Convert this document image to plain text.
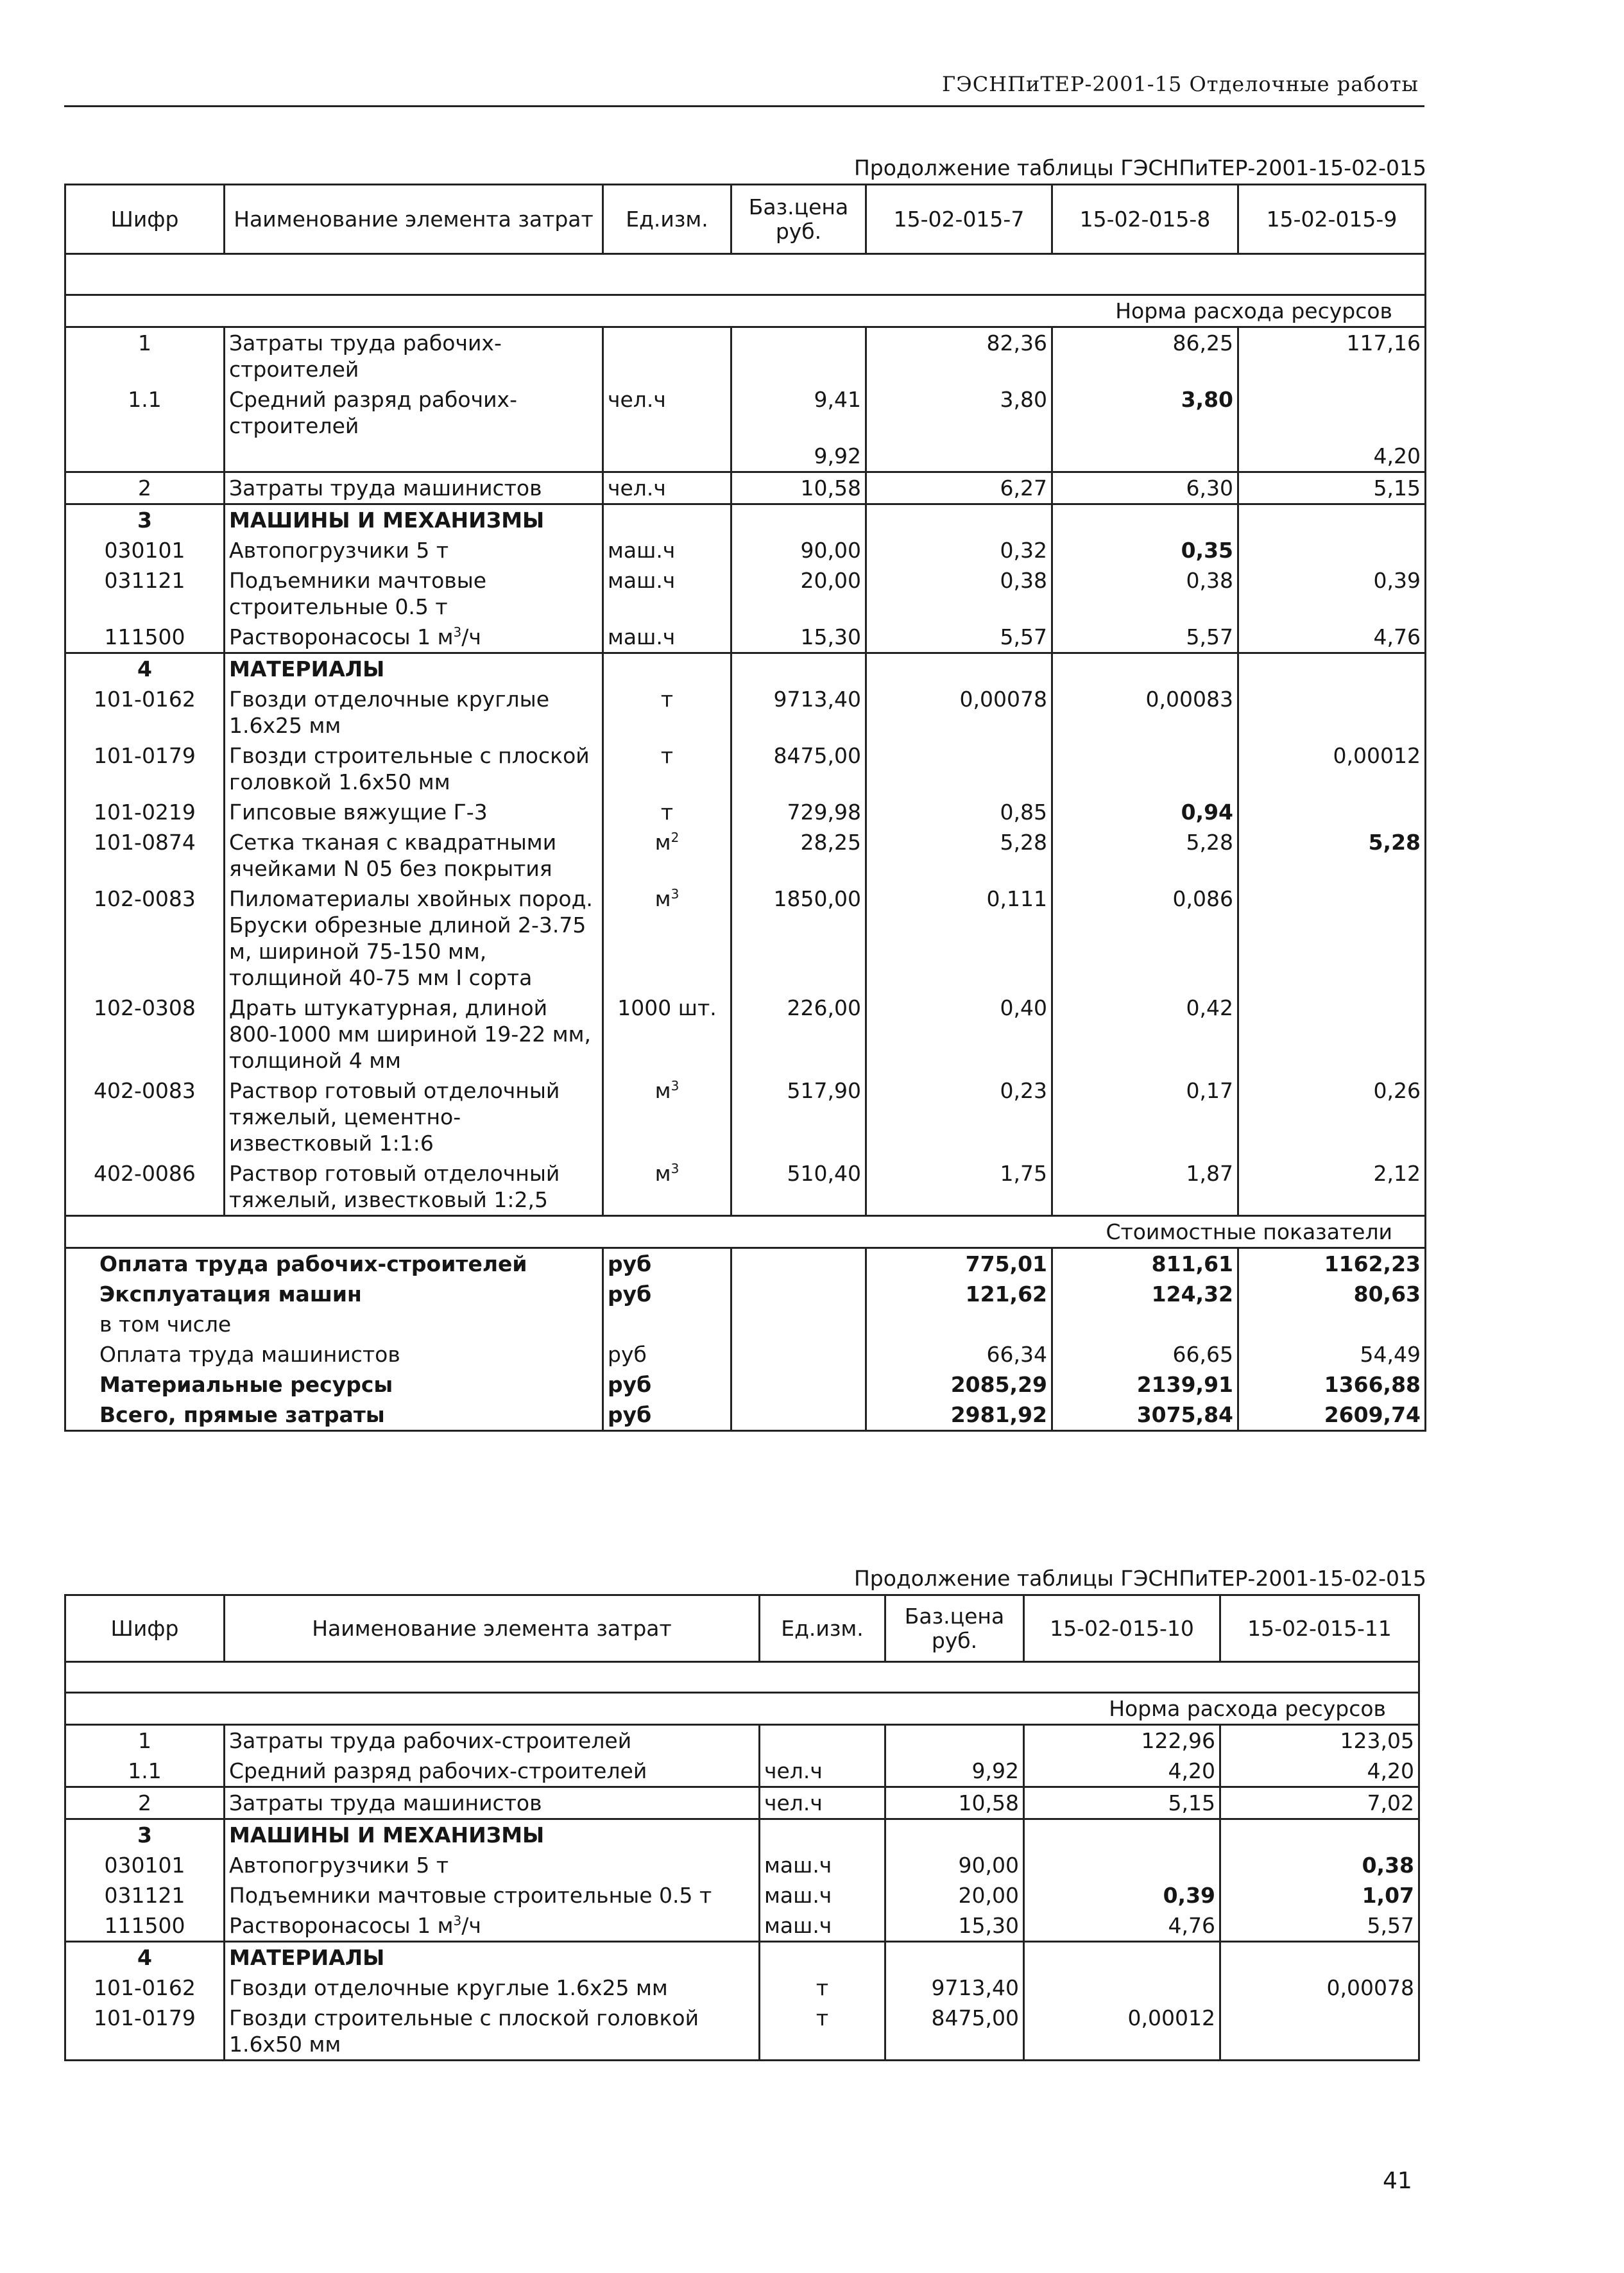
ГЭСНПиТЕР-2001-15 Отделочные работы
Продолжение таблицы ГЭСНПиТЕР-2001-15-02-015
Шифр	Наименование элемента затрат	Ед.изм.	Баз.цена руб.	15-02-015-7	15-02-015-8	15-02-015-9

Норма расхода ресурсов						
1	Затраты труда рабочих-строителей			82,36	86,25	117,16
1.1	Средний разряд рабочих-строителей	чел.ч	9,41	3,80	3,80	
			9,92			4,20
2	Затраты труда машинистов	чел.ч	10,58	6,27	6,30	5,15
3	МАШИНЫ И МЕХАНИЗМЫ					
030101	Автопогрузчики 5 т	маш.ч	90,00	0,32	0,35	
031121	Подъемники мачтовые строительные 0.5 т	маш.ч	20,00	0,38	0,38	0,39
111500	Растворонасосы 1 $м^3/ч$	маш.ч	15,30	5,57	5,57	4,76
4	МАТЕРИАЛЫ					
101-0162	Гвозди отделочные круглые 1.6х25 мм	т	9713,40	0,00078	0,00083	
101-0179	Гвозди строительные с плоской головкой 1.6х50 мм	т	8475,00			0,00012
101-0219	Гипсовые вяжущие Г-3	т	729,98	0,85	0,94	
101-0874	Сетка тканая с квадратными ячейками N 05 без покрытия	$м^2$	28,25	5,28	5,28	5,28
102-0083	Пиломатериалы хвойных пород. Бруски обрезные длиной 2-3.75 м, шириной 75-150 мм, толщиной 40-75 мм I сорта	$м^3$	1850,00	0,111	0,086	
102-0308	Драть штукатурная, длиной 800-1000 мм шириной 19-22 мм, толщиной 4 мм	1000 шт.	226,00	0,40	0,42	
402-0083	Раствор готовый отделочный тяжелый, цементно-известковый 1:1:6	$м^3$	517,90	0,23	0,17	0,26
402-0086	Раствор готовый отделочный тяжелый, известковый 1:2,5	$м^3$	510,40	1,75	1,87	2,12
Стоимостные показатели						
Оплата труда рабочих-строителей		руб		775,01	811,61	1162,23
Эксплуатация машин		руб		121,62	124,32	80,63
в том числе						
Оплата труда машинистов		руб		66,34	66,65	54,49
Материальные ресурсы		руб		2085,29	2139,91	1366,88
Всего, прямые затраты		руб		2981,92	3075,84	2609,74
Продолжение таблицы ГЭСНПиТЕР-2001-15-02-015
Шифр	Наименование элемента затрат	Ед.изм.	Баз.цена руб.	15-02-015-10	15-02-015-11

Норма расхода ресурсов					
1	Затраты труда рабочих-строителей			122,96	123,05
1.1	Средний разряд рабочих-строителей	чел.ч	9,92	4,20	4,20
2	Затраты труда машинистов	чел.ч	10,58	5,15	7,02
3	МАШИНЫ И МЕХАНИЗМЫ				
030101	Автопогрузчики 5 т	маш.ч	90,00		0,38
031121	Подъемники мачтовые строительные 0.5 т	маш.ч	20,00	0,39	1,07
111500	Растворонасосы 1 $м^3/ч$	маш.ч	15,30	4,76	5,57
4	МАТЕРИАЛЫ				
101-0162	Гвозди отделочные круглые 1.6х25 мм	т	9713,40		0,00078
101-0179	Гвозди строительные с плоской головкой 1.6х50 мм	т	8475,00	0,00012	
41
